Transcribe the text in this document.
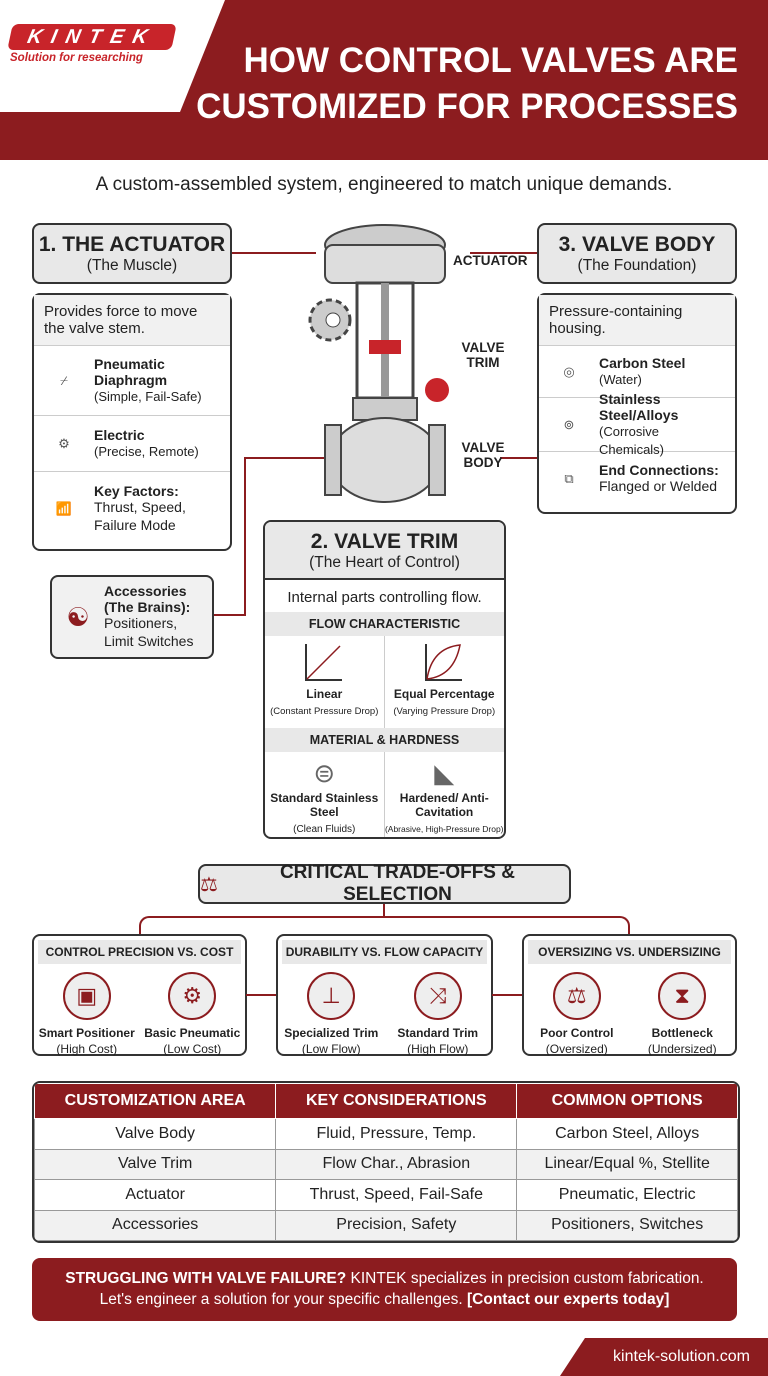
KINTEK
Solution for researching	HOW CONTROL VALVES ARE
CUSTOMIZED FOR PROCESSES
A custom-assembled system, engineered to match unique demands.
1. THE ACTUATOR
(The Muscle)
Provides force to move the valve stem.
⌿
Pneumatic Diaphragm
(Simple, Fail-Safe)
⚙
Electric
(Precise, Remote)
📶
Key Factors:
Thrust, Speed, Failure Mode
☯
Accessories (The Brains):
Positioners, Limit Switches
ACTUATOR
VALVE TRIM
VALVE BODY
3. VALVE BODY
(The Foundation)
Pressure-containing housing.
◎
Carbon Steel
(Water)
⊚
Stainless Steel/Alloys
(Corrosive Chemicals)
⧉
End Connections:
Flanged or Welded
2. VALVE TRIM
(The Heart of Control)
Internal parts controlling flow.
FLOW CHARACTERISTIC
Linear
(Constant Pressure Drop)
Equal Percentage
(Varying Pressure Drop)
MATERIAL & HARDNESS
⊜
Standard Stainless Steel
(Clean Fluids)
◣
Hardened/ Anti-Cavitation
(Abrasive, High-Pressure Drop)
⚖
CRITICAL TRADE-OFFS & SELECTION
CONTROL PRECISION VS. COST
▣
Smart Positioner
(High Cost)
⚙
Basic Pneumatic
(Low Cost)
DURABILITY VS. FLOW CAPACITY
⊥
Specialized Trim
(Low Flow)
⤨
Standard Trim
(High Flow)
OVERSIZING VS. UNDERSIZING
⚖
Poor Control
(Oversized)
⧗
Bottleneck
(Undersized)
CUSTOMIZATION AREA	KEY CONSIDERATIONS	COMMON OPTIONS
Valve Body	Fluid, Pressure, Temp.	Carbon Steel, Alloys
Valve Trim	Flow Char., Abrasion	Linear/Equal %, Stellite
Actuator	Thrust, Speed, Fail-Safe	Pneumatic, Electric
Accessories	Precision, Safety	Positioners, Switches
STRUGGLING WITH VALVE FAILURE? KINTEK specializes in precision custom fabrication.
Let's engineer a solution for your specific challenges. [Contact our experts today]
kintek-solution.com
